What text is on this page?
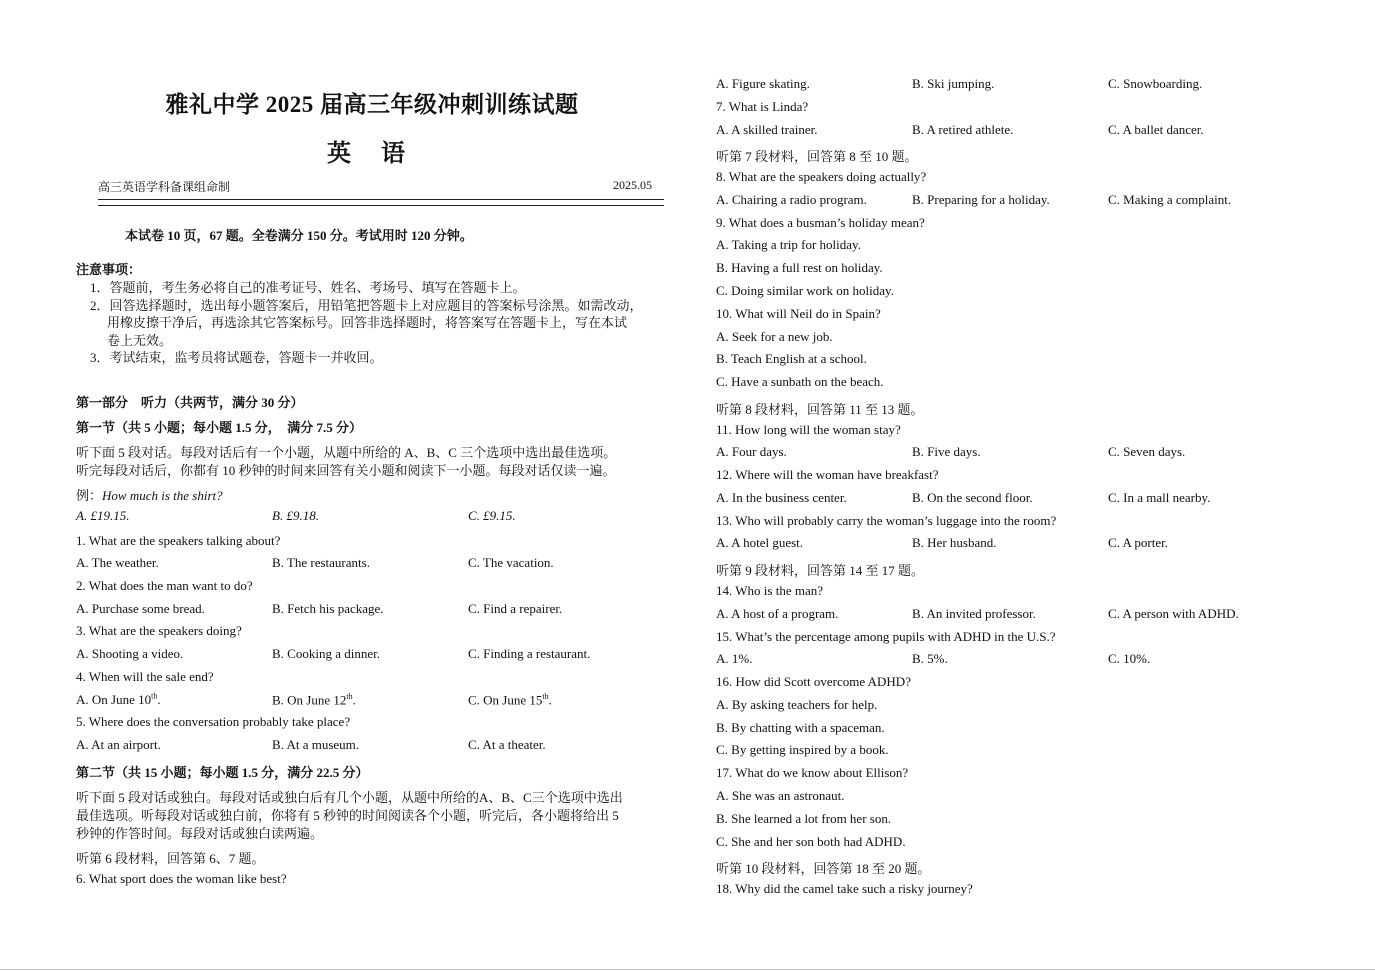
雅礼中学 2025 届高三年级冲刺训练试题
英 语
高三英语学科备课组命制	2025.05
本试卷 10 页，67 题。全卷满分 150 分。考试用时 120 分钟。
注意事项：
1．答题前，考生务必将自己的准考证号、姓名、考场号、填写在答题卡上。
2．回答选择题时，选出每小题答案后，用铅笔把答题卡上对应题目的答案标号涂黑。如需改动，
用橡皮擦干净后，再选涂其它答案标号。回答非选择题时，将答案写在答题卡上，写在本试
卷上无效。
3．考试结束，监考员将试题卷，答题卡一并收回。
第一部分　听力（共两节，满分 30 分）
第一节（共 5 小题；每小题 1.5 分，　满分 7.5 分）
听下面 5 段对话。每段对话后有一个小题，从题中所给的 A、B、C 三个选项中选出最佳选项。
听完每段对话后，你都有 10 秒钟的时间来回答有关小题和阅读下一小题。每段对话仅读一遍。
例：How much is the shirt?
A. £19.15.	B. £9.18.	C. £9.15.
1. What are the speakers talking about?
A. The weather.	B. The restaurants.	C. The vacation.
2. What does the man want to do?
A. Purchase some bread.	B. Fetch his package.	C. Find a repairer.
3. What are the speakers doing?
A. Shooting a video.	B. Cooking a dinner.	C. Finding a restaurant.
4. When will the sale end?
A. On June 10th.	B. On June 12th.	C. On June 15th.
5. Where does the conversation probably take place?
A. At an airport.	B. At a museum.	C. At a theater.
第二节（共 15 小题；每小题 1.5 分，满分 22.5 分）
听下面 5 段对话或独白。每段对话或独白后有几个小题，从题中所给的A、B、C三个选项中选出
最佳选项。听每段对话或独白前，你将有 5 秒钟的时间阅读各个小题，听完后，各小题将给出 5
秒钟的作答时间。每段对话或独白读两遍。
听第 6 段材料，回答第 6、7 题。
6. What sport does the woman like best?
A. Figure skating.	B. Ski jumping.	C. Snowboarding.
7. What is Linda?
A. A skilled trainer.	B. A retired athlete.	C. A ballet dancer.
听第 7 段材料，回答第 8 至 10 题。
8. What are the speakers doing actually?
A. Chairing a radio program.	B. Preparing for a holiday.	C. Making a complaint.
9. What does a busman’s holiday mean?
A. Taking a trip for holiday.
B. Having a full rest on holiday.
C. Doing similar work on holiday.
10. What will Neil do in Spain?
A. Seek for a new job.
B. Teach English at a school.
C. Have a sunbath on the beach.
听第 8 段材料，回答第 11 至 13 题。
11. How long will the woman stay?
A. Four days.	B. Five days.	C. Seven days.
12. Where will the woman have breakfast?
A. In the business center.	B. On the second floor.	C. In a mall nearby.
13. Who will probably carry the woman’s luggage into the room?
A. A hotel guest.	B. Her husband.	C. A porter.
听第 9 段材料，回答第 14 至 17 题。
14. Who is the man?
A. A host of a program.	B. An invited professor.	C. A person with ADHD.
15. What’s the percentage among pupils with ADHD in the U.S.?
A. 1%.	B. 5%.	C. 10%.
16. How did Scott overcome ADHD?
A. By asking teachers for help.
B. By chatting with a spaceman.
C. By getting inspired by a book.
17. What do we know about Ellison?
A. She was an astronaut.
B. She learned a lot from her son.
C. She and her son both had ADHD.
听第 10 段材料，回答第 18 至 20 题。
18. Why did the camel take such a risky journey?
